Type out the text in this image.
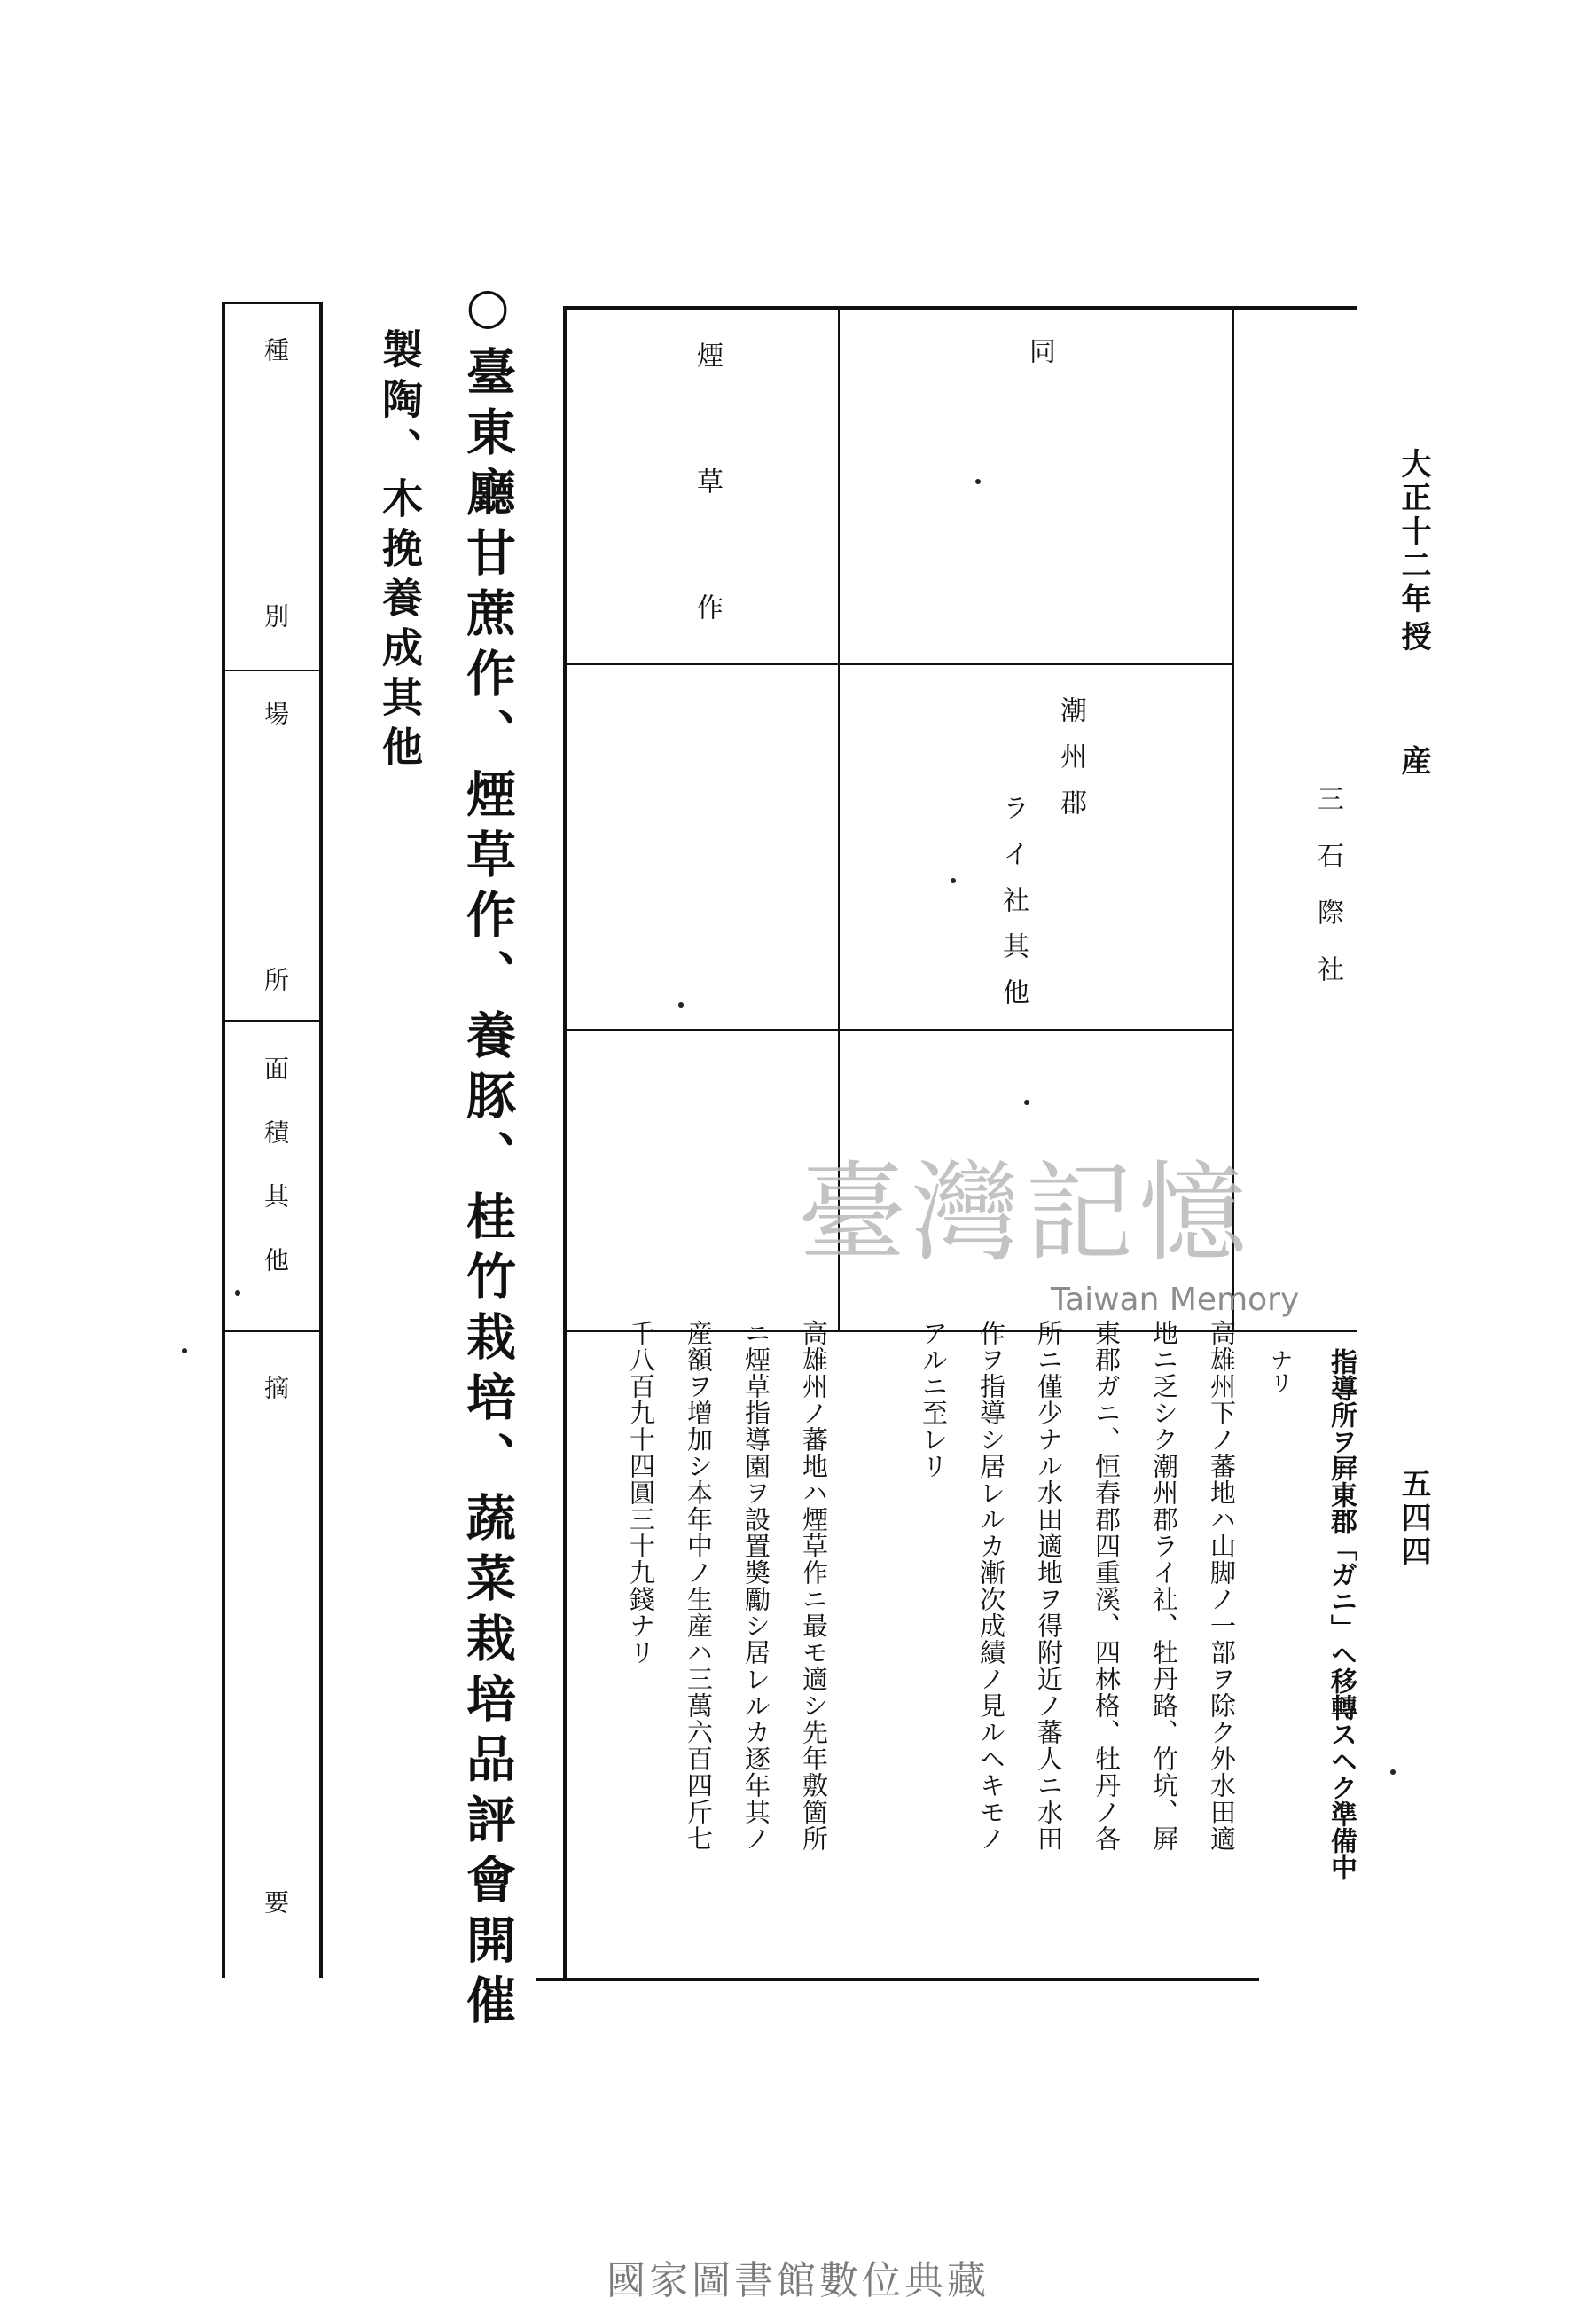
大正十二年
授
産
五四四
指導所ヲ屛東郡「ガニ」ヘ移轉スヘク準備中
ナリ
三石際社
同
潮州郡
ライ社其他
高雄州下ノ蕃地ハ山脚ノ一部ヲ除ク外水田適
地ニ乏シク潮州郡ライ社、牡丹路、竹坑、屛
東郡ガニ、恒春郡四重溪、四林格、牡丹ノ各
所ニ僅少ナル水田適地ヲ得附近ノ蕃人ニ水田
作ヲ指導シ居レルカ漸次成績ノ見ルヘキモノ
アルニ至レリ
煙草作
高雄州ノ蕃地ハ煙草作ニ最モ適シ先年敷箇所
ニ煙草指導園ヲ設置奬勵シ居レルカ逐年其ノ
産額ヲ增加シ本年中ノ生産ハ三萬六百四斤七
千八百九十四圓三十九錢ナリ
○臺東廳甘蔗作、煙草作、養豚、桂竹栽培、蔬菜栽培品評會開催
製陶、木挽養成其他
種
別
場
所
面積其他
摘
要
臺灣記憶
Taiwan Memory
國家圖書館數位典藏
